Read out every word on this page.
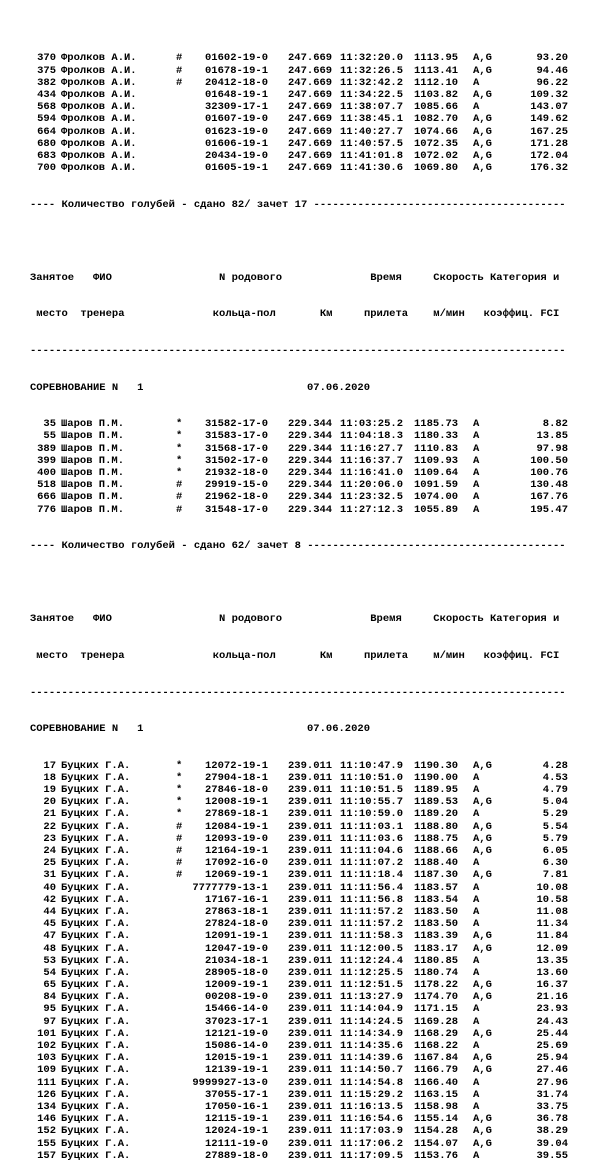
370 Фролков А.И.	#	01602-19-0 247.669 11:32:20.0 1113.95 A,G	93.20
375 Фролков А.И.	#	01678-19-1 247.669 11:32:26.5 1113.41 A,G	94.46
382 Фролков А.И.	#	20412-18-0 247.669 11:32:42.2 1112.10 A	96.22
434 Фролков А.И.	01648-19-1 247.669 11:34:22.5 1103.82 A,G	109.32
568 Фролков А.И.	32309-17-1 247.669 11:38:07.7 1085.66 A	143.07
594 Фролков А.И.	01607-19-0 247.669 11:38:45.1 1082.70 A,G	149.62
664 Фролков А.И.	01623-19-0 247.669 11:40:27.7 1074.66 A,G	167.25
680 Фролков А.И.	01606-19-1 247.669 11:40:57.5 1072.35 A,G	171.28
683 Фролков А.И.	20434-19-0 247.669 11:41:01.8 1072.02 A,G	172.04
700 Фролков А.И.	01605-19-1 247.669 11:41:30.6 1069.80 A,G	176.32

---- Количество голубей - сдано 82/ зачет 17 ----------------------------------------

Занятое   ФИО                 N родового              Время     Скорость Категория и

место  тренера              кольца-пол       Км     прилета    м/мин   коэффиц. FCI

-------------------------------------------------------------------------------------

СОРЕВНОВАНИЕ N   1

	07.06.2020

35 Шаров П.М.	*	31582-17-0 229.344 11:03:25.2 1185.73 A	8.82
55 Шаров П.М.	*	31583-17-0 229.344 11:04:18.3 1180.33 A	13.85
389 Шаров П.М.	*	31568-17-0 229.344 11:16:27.7 1110.83 A	97.98
399 Шаров П.М.	*	31502-17-0 229.344 11:16:37.7 1109.93 A	100.50
400 Шаров П.М.	*	21932-18-0 229.344 11:16:41.0 1109.64 A	100.76
518 Шаров П.М.	#	29919-15-0 229.344 11:20:06.0 1091.59 A	130.48
666 Шаров П.М.	#	21962-18-0 229.344 11:23:32.5 1074.00 A	167.76
776 Шаров П.М.	#	31548-17-0 229.344 11:27:12.3 1055.89 A	195.47

---- Количество голубей - сдано 62/ зачет 8 -----------------------------------------

Занятое   ФИО                 N родового              Время     Скорость Категория и

место  тренера              кольца-пол       Км     прилета    м/мин   коэффиц. FCI

-------------------------------------------------------------------------------------

СОРЕВНОВАНИЕ N   1

	07.06.2020

17 Буцких Г.А.	*	12072-19-1 239.011 11:10:47.9 1190.30 A,G	4.28
18 Буцких Г.А.	*	27904-18-1 239.011 11:10:51.0 1190.00 A	4.53
19 Буцких Г.А.	*	27846-18-0 239.011 11:10:51.5 1189.95 A	4.79
20 Буцких Г.А.	*	12008-19-1 239.011 11:10:55.7 1189.53 A,G	5.04
21 Буцких Г.А.	*	27869-18-1 239.011 11:10:59.0 1189.20 A	5.29
22 Буцких Г.А.	#	12084-19-1 239.011 11:11:03.1 1188.80 A,G	5.54
23 Буцких Г.А.	#	12093-19-0 239.011 11:11:03.6 1188.75 A,G	5.79
24 Буцких Г.А.	#	12164-19-1 239.011 11:11:04.6 1188.66 A,G	6.05
25 Буцких Г.А.	#	17092-16-0 239.011 11:11:07.2 1188.40 A	6.30
31 Буцких Г.А.	#	12069-19-1 239.011 11:11:18.4 1187.30 A,G	7.81
40 Буцких Г.А.	7777779-13-1 239.011 11:11:56.4 1183.57 A	10.08
42 Буцких Г.А.	17167-16-1 239.011 11:11:56.8 1183.54 A	10.58
44 Буцких Г.А.	27863-18-1 239.011 11:11:57.2 1183.50 A	11.08
45 Буцких Г.А.	27824-18-0 239.011 11:11:57.2 1183.50 A	11.34
47 Буцких Г.А.	12091-19-1 239.011 11:11:58.3 1183.39 A,G	11.84
48 Буцких Г.А.	12047-19-0 239.011 11:12:00.5 1183.17 A,G	12.09
53 Буцких Г.А.	21034-18-1 239.011 11:12:24.4 1180.85 A	13.35
54 Буцких Г.А.	28905-18-0 239.011 11:12:25.5 1180.74 A	13.60
65 Буцких Г.А.	12009-19-1 239.011 11:12:51.5 1178.22 A,G	16.37
84 Буцких Г.А.	00208-19-0 239.011 11:13:27.9 1174.70 A,G	21.16
95 Буцких Г.А.	15466-14-0 239.011 11:14:04.9 1171.15 A	23.93
97 Буцких Г.А.	37023-17-1 239.011 11:14:24.5 1169.28 A	24.43
101 Буцких Г.А.	12121-19-0 239.011 11:14:34.9 1168.29 A,G	25.44
102 Буцких Г.А.	15086-14-0 239.011 11:14:35.6 1168.22 A	25.69
103 Буцких Г.А.	12015-19-1 239.011 11:14:39.6 1167.84 A,G	25.94
109 Буцких Г.А.	12139-19-1 239.011 11:14:50.7 1166.79 A,G	27.46
111 Буцких Г.А.	9999927-13-0 239.011 11:14:54.8 1166.40 A	27.96
126 Буцких Г.А.	37055-17-1 239.011 11:15:29.2 1163.15 A	31.74
134 Буцких Г.А.	17050-16-1 239.011 11:16:13.5 1158.98 A	33.75
146 Буцких Г.А.	12115-19-1 239.011 11:16:54.6 1155.14 A,G	36.78
152 Буцких Г.А.	12024-19-1 239.011 11:17:03.9 1154.28 A,G	38.29
155 Буцких Г.А.	12111-19-0 239.011 11:17:06.2 1154.07 A,G	39.04
157 Буцких Г.А.	27889-18-0 239.011 11:17:09.5 1153.76 A	39.55
